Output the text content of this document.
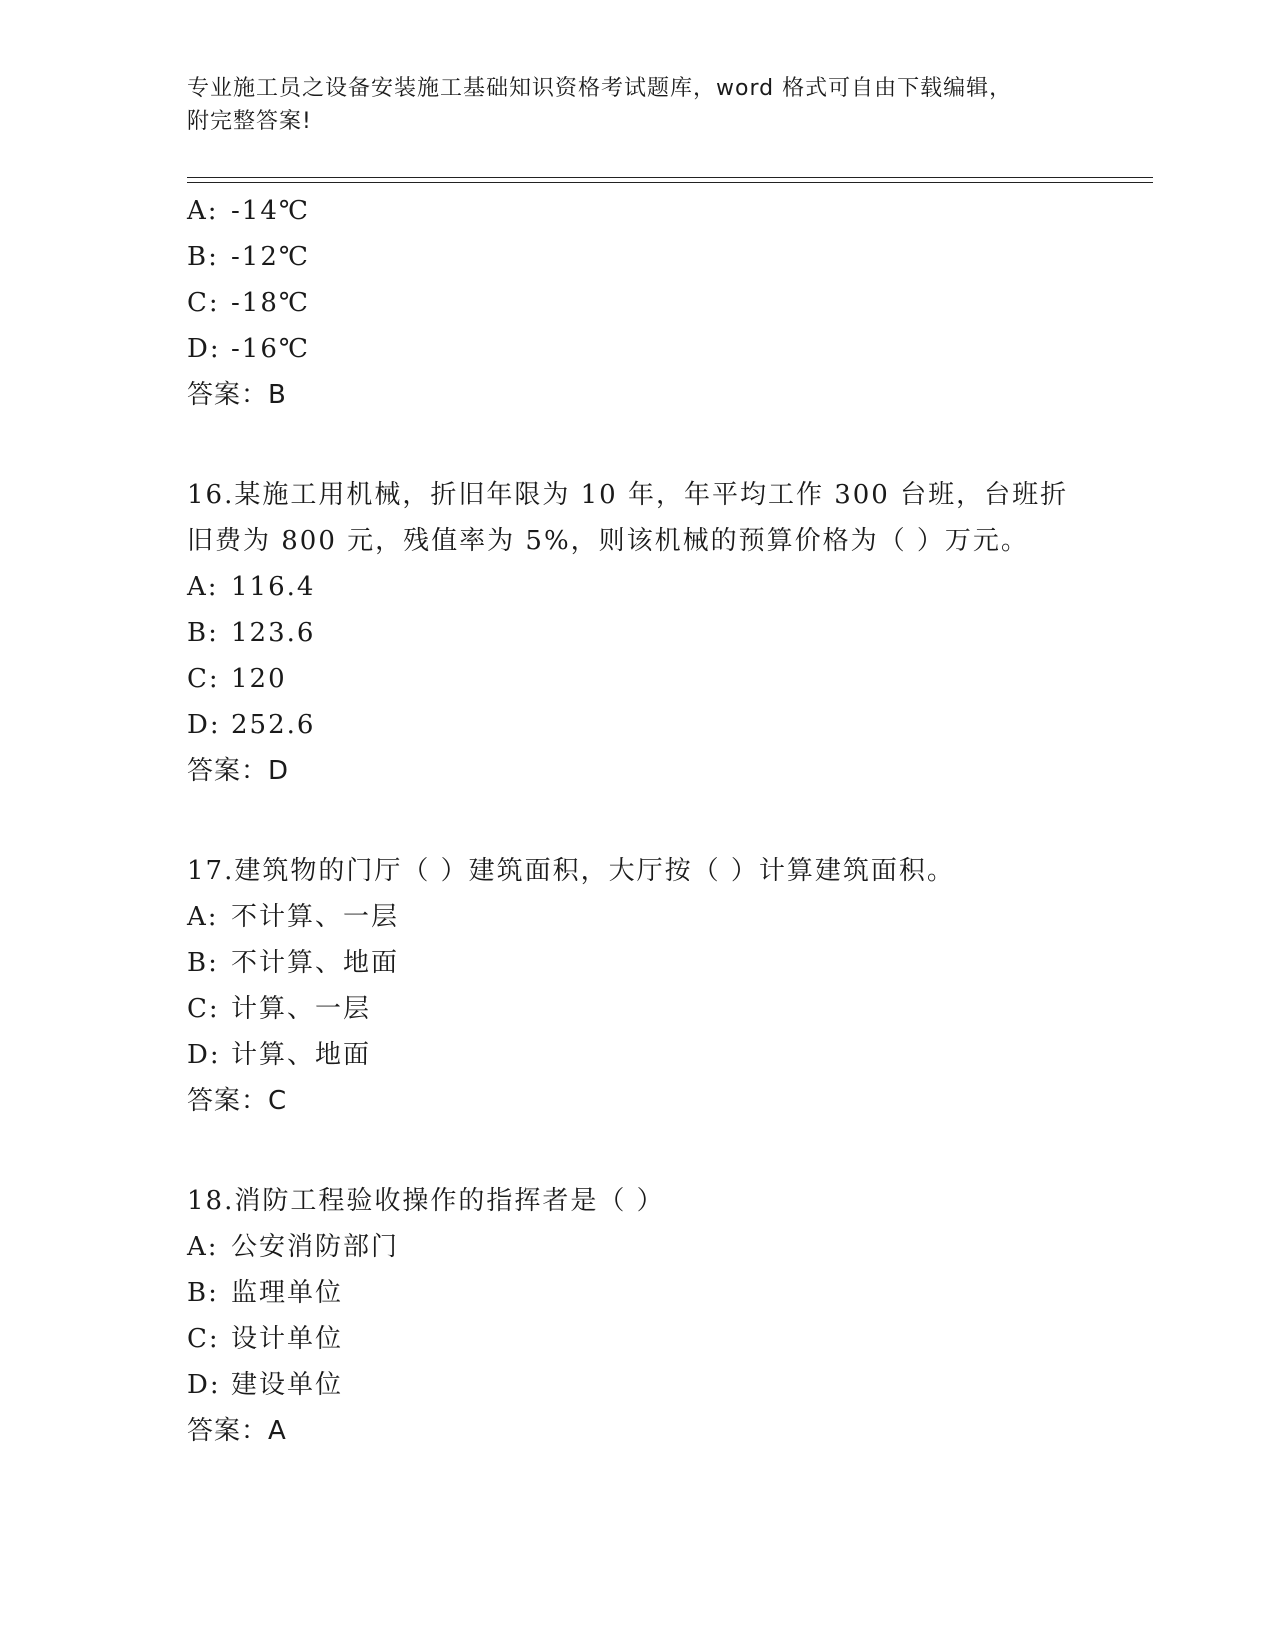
专业施工员之设备安装施工基础知识资格考试题库，word 格式可自由下载编辑，
附完整答案!
A: -14℃
B: -12℃
C: -18℃
D: -16℃
答案：B
16.某施工用机械，折旧年限为 10 年，年平均工作 300 台班，台班折
旧费为 800 元，残值率为 5%，则该机械的预算价格为（ ）万元。
A: 116.4
B: 123.6
C: 120
D: 252.6
答案：D
17.建筑物的门厅（ ）建筑面积，大厅按（ ）计算建筑面积。
A: 不计算、一层
B: 不计算、地面
C: 计算、一层
D: 计算、地面
答案：C
18.消防工程验收操作的指挥者是（ ）
A: 公安消防部门
B: 监理单位
C: 设计单位
D: 建设单位
答案：A
